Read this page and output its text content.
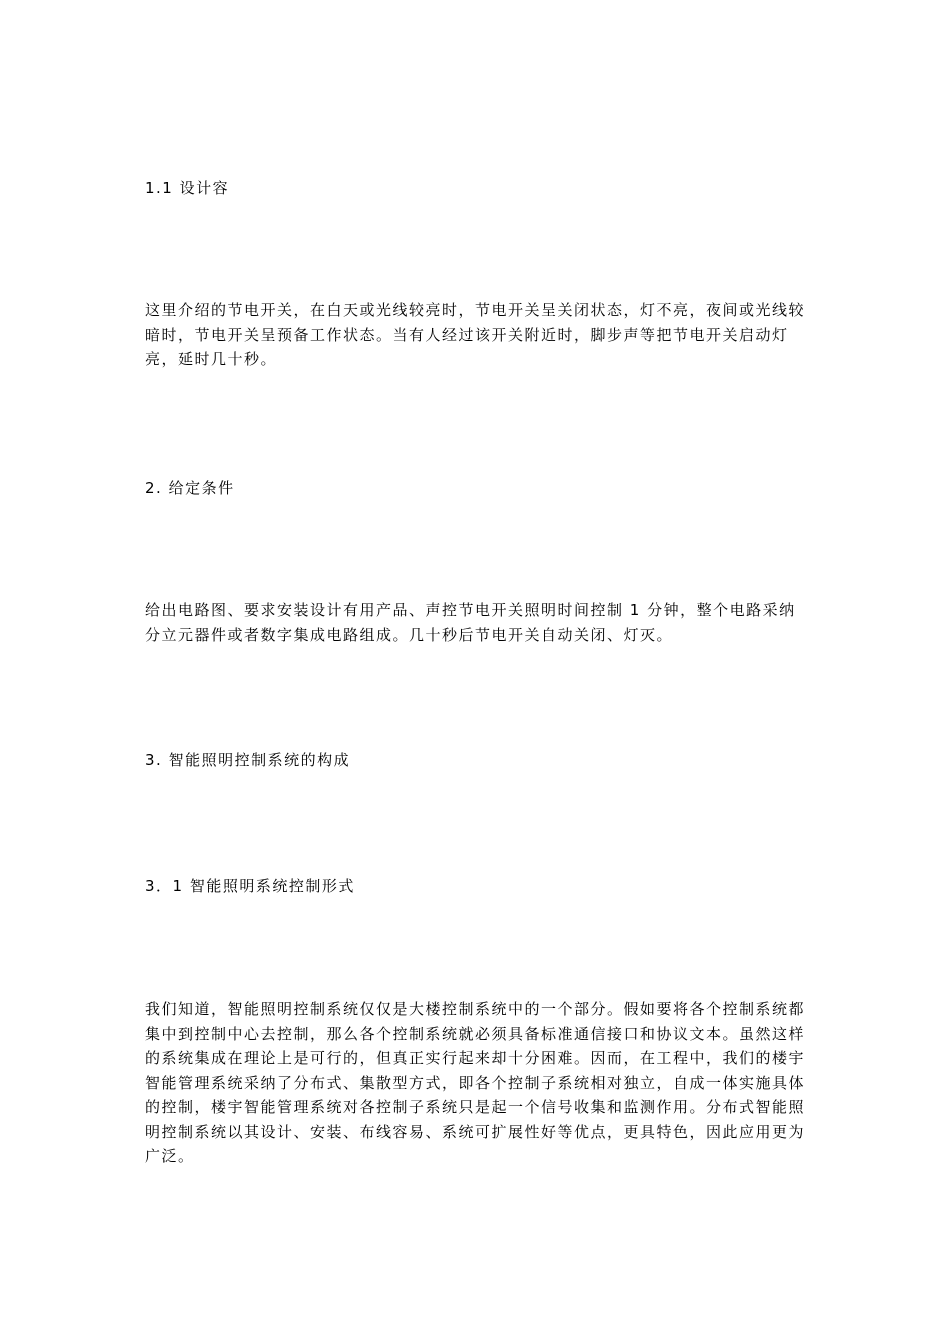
1.1 设计容

这里介绍的节电开关，在白天或光线较亮时，节电开关呈关闭状态，灯不亮，夜间或光线较暗时，节电开关呈预备工作状态。当有人经过该开关附近时，脚步声等把节电开关启动灯亮，延时几十秒。

2. 给定条件

给出电路图、要求安装设计有用产品、声控节电开关照明时间控制 1 分钟，整个电路采纳分立元器件或者数字集成电路组成。几十秒后节电开关自动关闭、灯灭。

3. 智能照明控制系统的构成

3．1 智能照明系统控制形式

我们知道，智能照明控制系统仅仅是大楼控制系统中的一个部分。假如要将各个控制系统都集中到控制中心去控制，那么各个控制系统就必须具备标准通信接口和协议文本。虽然这样的系统集成在理论上是可行的，但真正实行起来却十分困难。因而，在工程中，我们的楼宇智能管理系统采纳了分布式、集散型方式，即各个控制子系统相对独立，自成一体实施具体的控制，楼宇智能管理系统对各控制子系统只是起一个信号收集和监测作用。分布式智能照明控制系统以其设计、安装、布线容易、系统可扩展性好等优点，更具特色，因此应用更为广泛。
